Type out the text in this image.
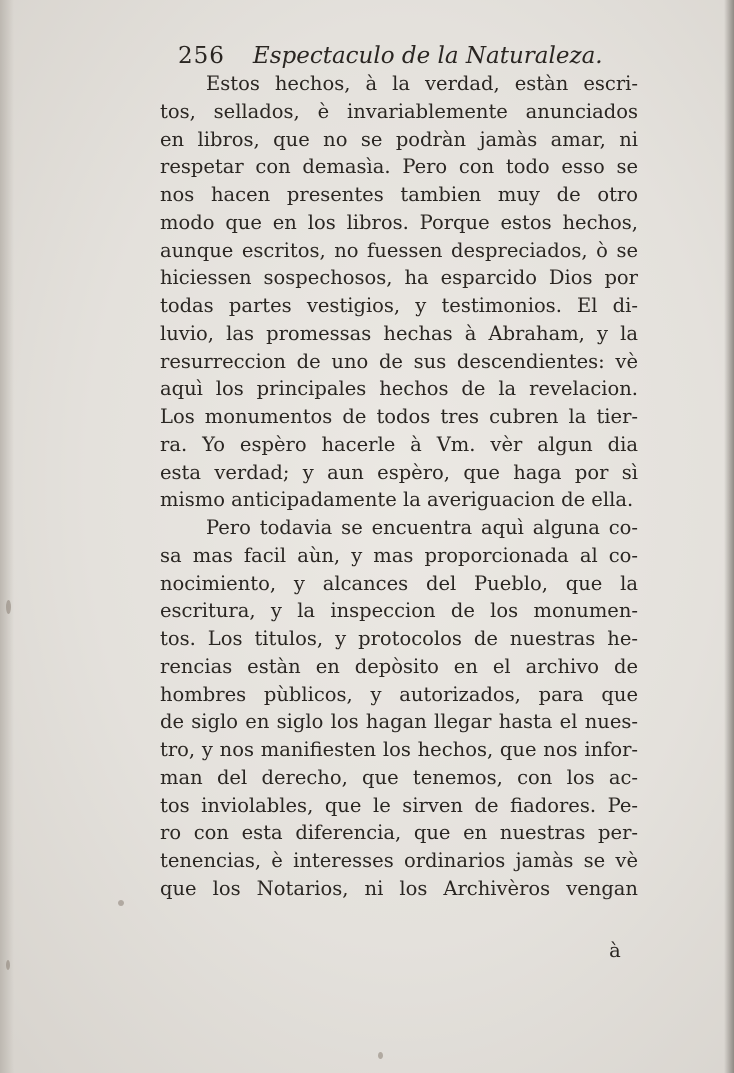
256 Espectaculo de la Naturaleza.
Estos hechos, à la verdad, estàn escri-
tos, sellados, è invariablemente anunciados
en libros, que no se podràn jamàs amar, ni
respetar con demasìa. Pero con todo esso se
nos hacen presentes tambien muy de otro
modo que en los libros. Porque estos hechos,
aunque escritos, no fuessen despreciados, ò se
hiciessen sospechosos, ha esparcido Dios por
todas partes vestigios, y testimonios. El di-
luvio, las promessas hechas à Abraham, y la
resurreccion de uno de sus descendientes: vè
aquì los principales hechos de la revelacion.
Los monumentos de todos tres cubren la tier-
ra. Yo espèro hacerle à Vm. vèr algun dia
esta verdad; y aun espèro, que haga por sì
mismo anticipadamente la averiguacion de ella.
Pero todavia se encuentra aquì alguna co-
sa mas facil aùn, y mas proporcionada al co-
nocimiento, y alcances del Pueblo, que la
escritura, y la inspeccion de los monumen-
tos. Los titulos, y protocolos de nuestras he-
rencias estàn en depòsito en el archivo de
hombres pùblicos, y autorizados, para que
de siglo en siglo los hagan llegar hasta el nues-
tro, y nos manifiesten los hechos, que nos infor-
man del derecho, que tenemos, con los ac-
tos inviolables, que le sirven de fiadores. Pe-
ro con esta diferencia, que en nuestras per-
tenencias, è interesses ordinarios jamàs se vè
que los Notarios, ni los Archivèros vengan
à
